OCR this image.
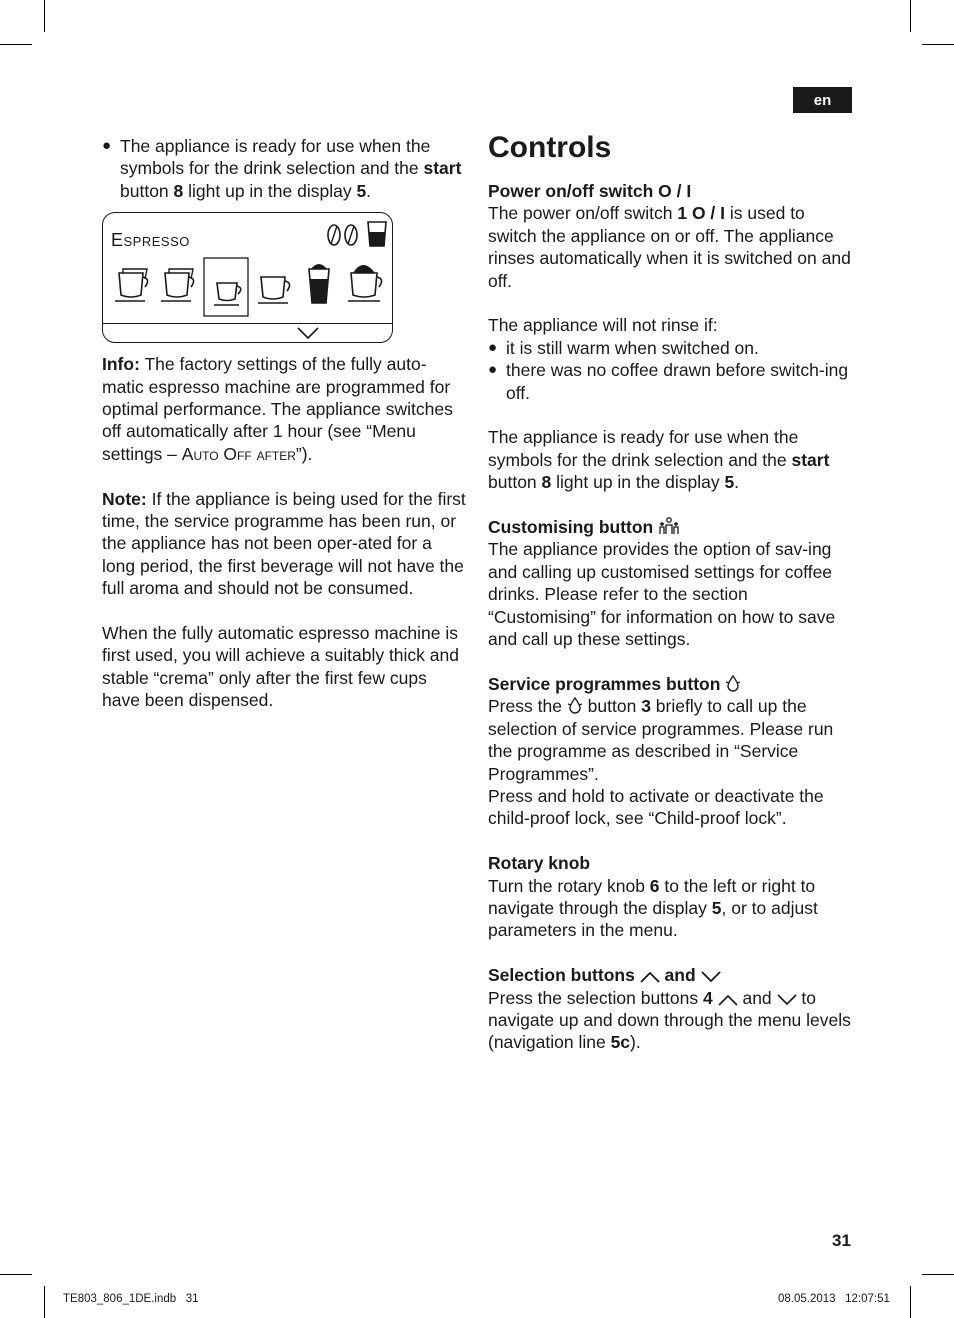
en

● The appliance is ready for use when the symbols for the drink selection and the start button 8 light up in the display 5.

Espresso

Info: The factory settings of the fully auto-matic espresso machine are programmed for optimal performance. The appliance switches off automatically after 1 hour (see “Menu settings – Auto Off after”).

Note: If the appliance is being used for the first time, the service programme has been run, or the appliance has not been oper-ated for a long period, the first beverage will not have the full aroma and should not be consumed.

When the fully automatic espresso machine is first used, you will achieve a suitably thick and stable “crema” only after the first few cups have been dispensed.

Controls

Power on/off switch O / I

The power on/off switch 1 O / I is used to switch the appliance on or off. The appliance rinses automatically when it is switched on and off.

The appliance will not rinse if:

● it is still warm when switched on.

● there was no coffee drawn before switch-ing off.

The appliance is ready for use when the symbols for the drink selection and the start button 8 light up in the display 5.

Customising button

The appliance provides the option of sav-ing and calling up customised settings for coffee drinks. Please refer to the section “Customising” for information on how to save and call up these settings.

Service programmes button

Press the  button 3 briefly to call up the selection of service programmes. Please run the programme as described in “Service Programmes”.

Press and hold to activate or deactivate the child-proof lock, see “Child-proof lock”.

Rotary knob

Turn the rotary knob 6 to the left or right to navigate through the display 5, or to adjust parameters in the menu.

Selection buttons  and

Press the selection buttons 4  and  to navigate up and down through the menu levels (navigation line 5c).

31
TE803_806_1DE.indb   31	08.05.2013   12:07:51
